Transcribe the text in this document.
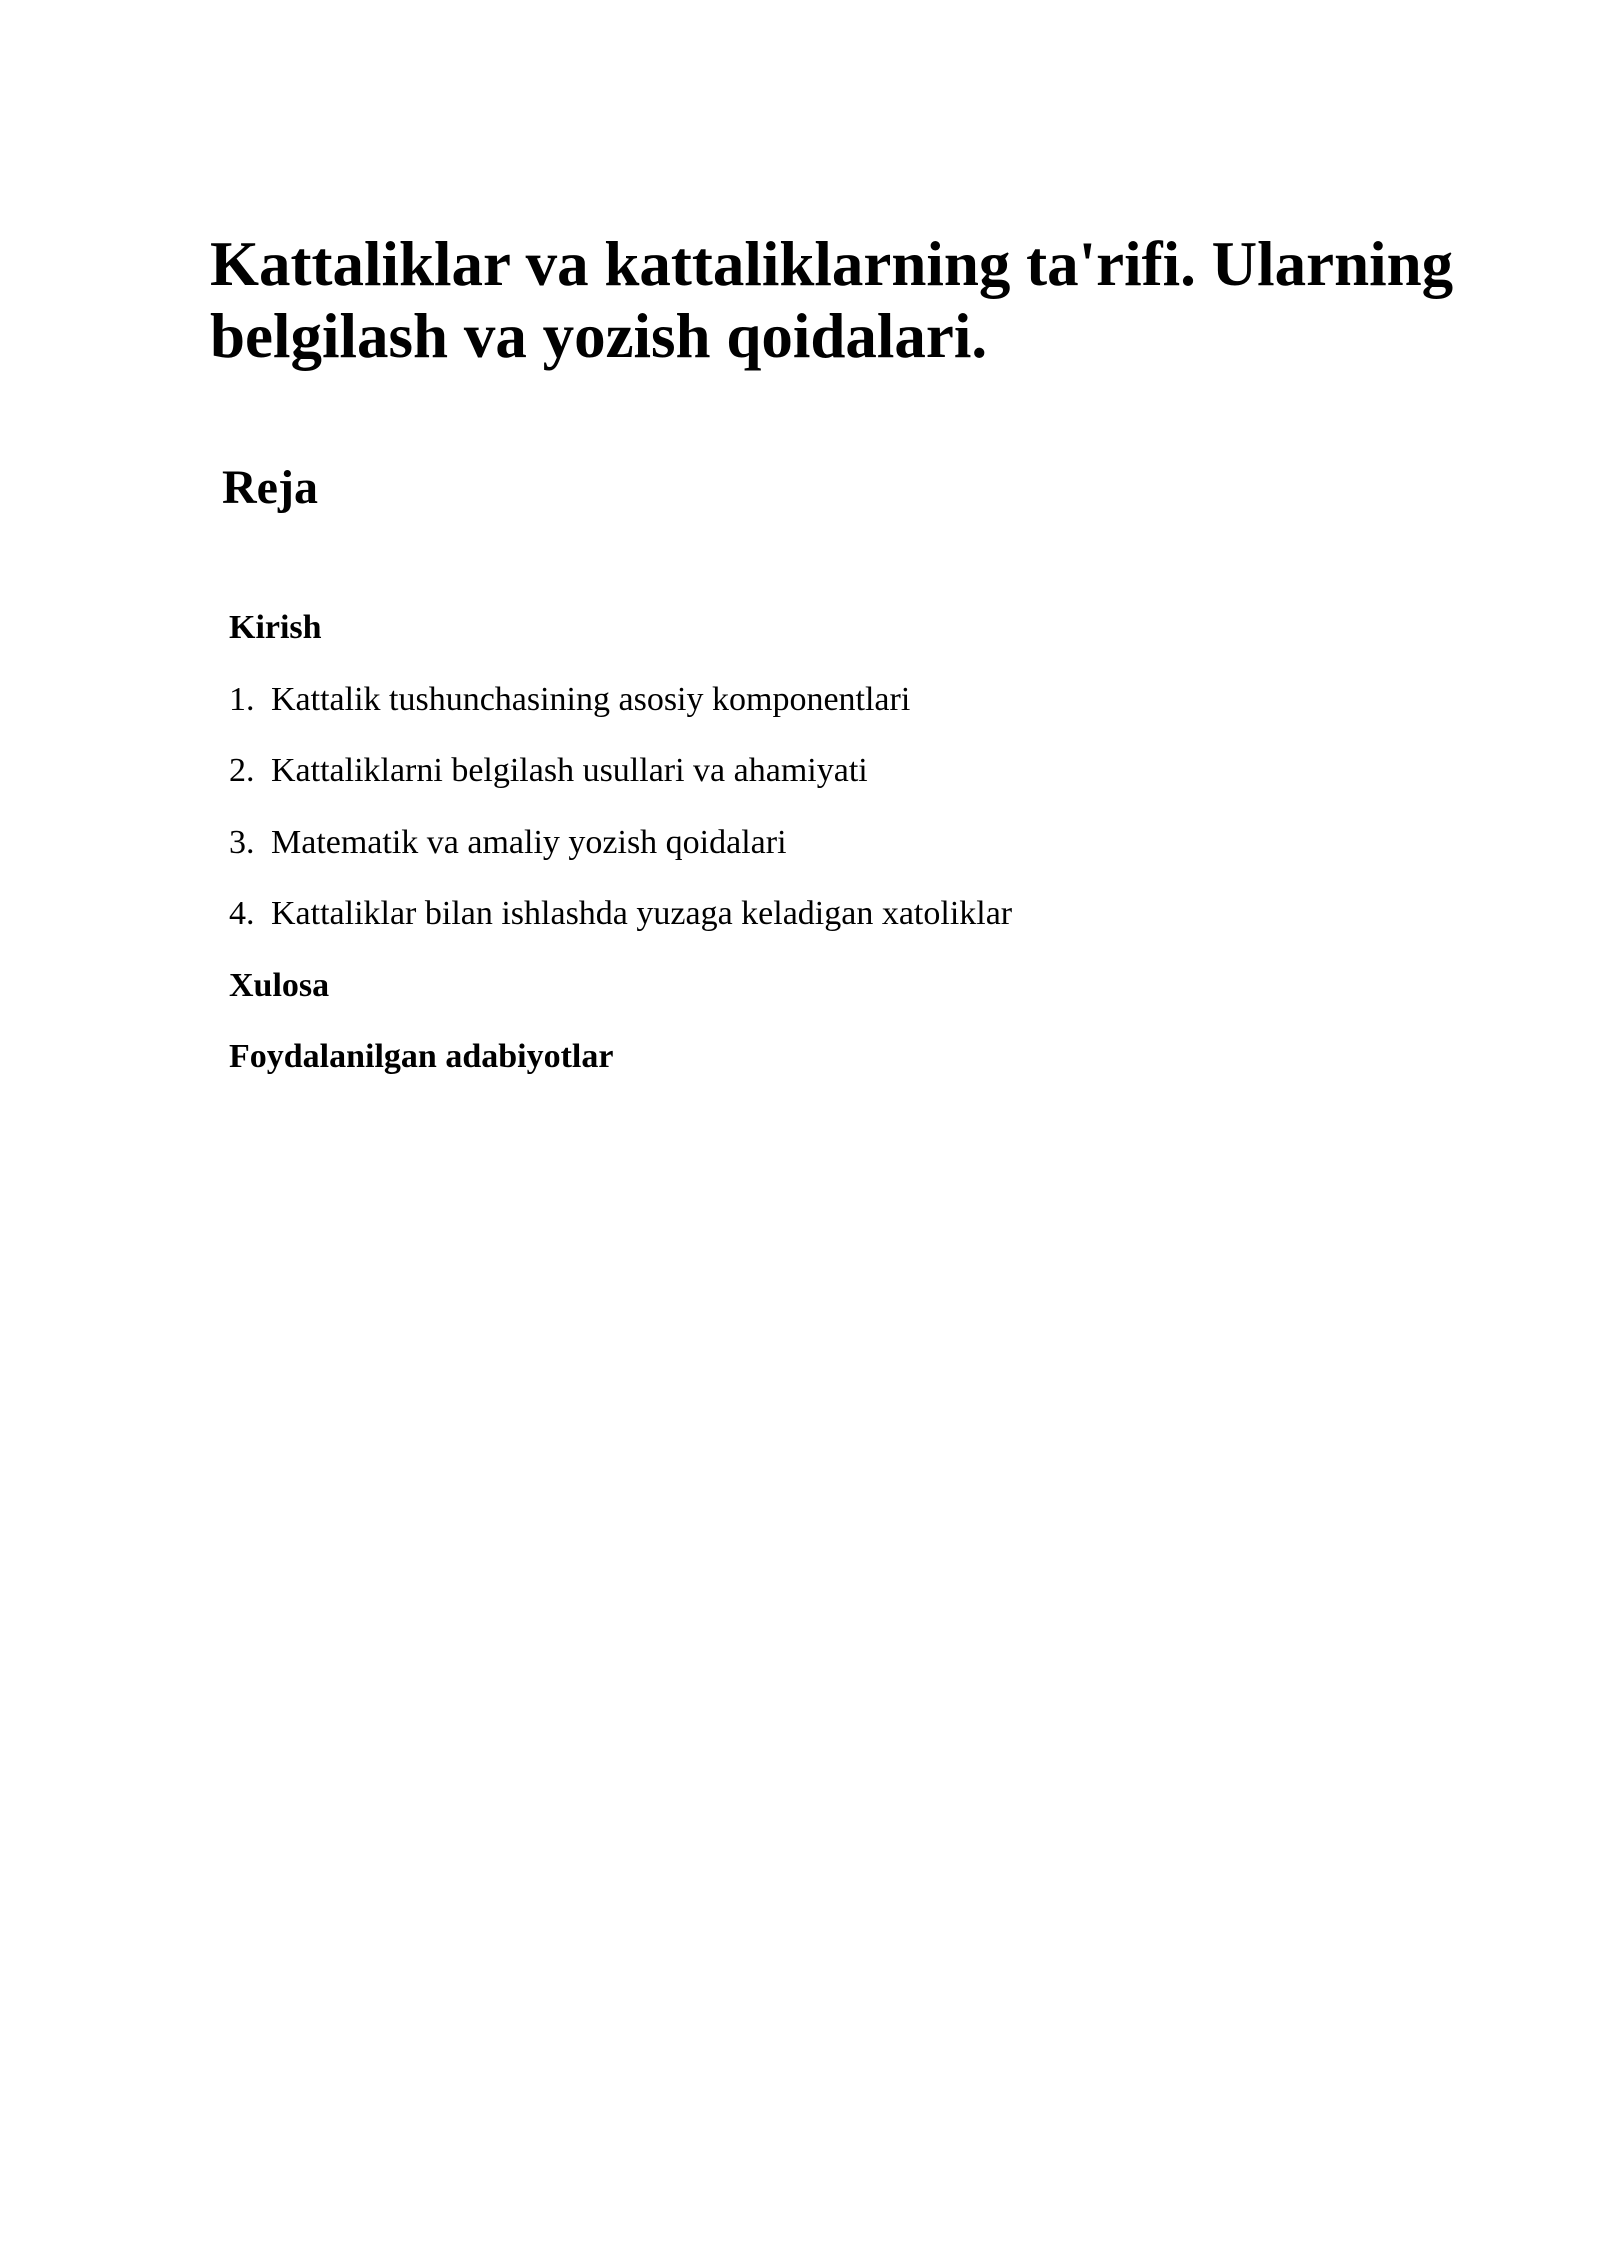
Kattaliklar va kattaliklarning ta'rifi. Ularning belgilash va yozish qoidalari.
Reja
Kirish
1. Kattalik tushunchasining asosiy komponentlari
2. Kattaliklarni belgilash usullari va ahamiyati
3. Matematik va amaliy yozish qoidalari
4. Kattaliklar bilan ishlashda yuzaga keladigan xatoliklar
Xulosa
Foydalanilgan adabiyotlar
